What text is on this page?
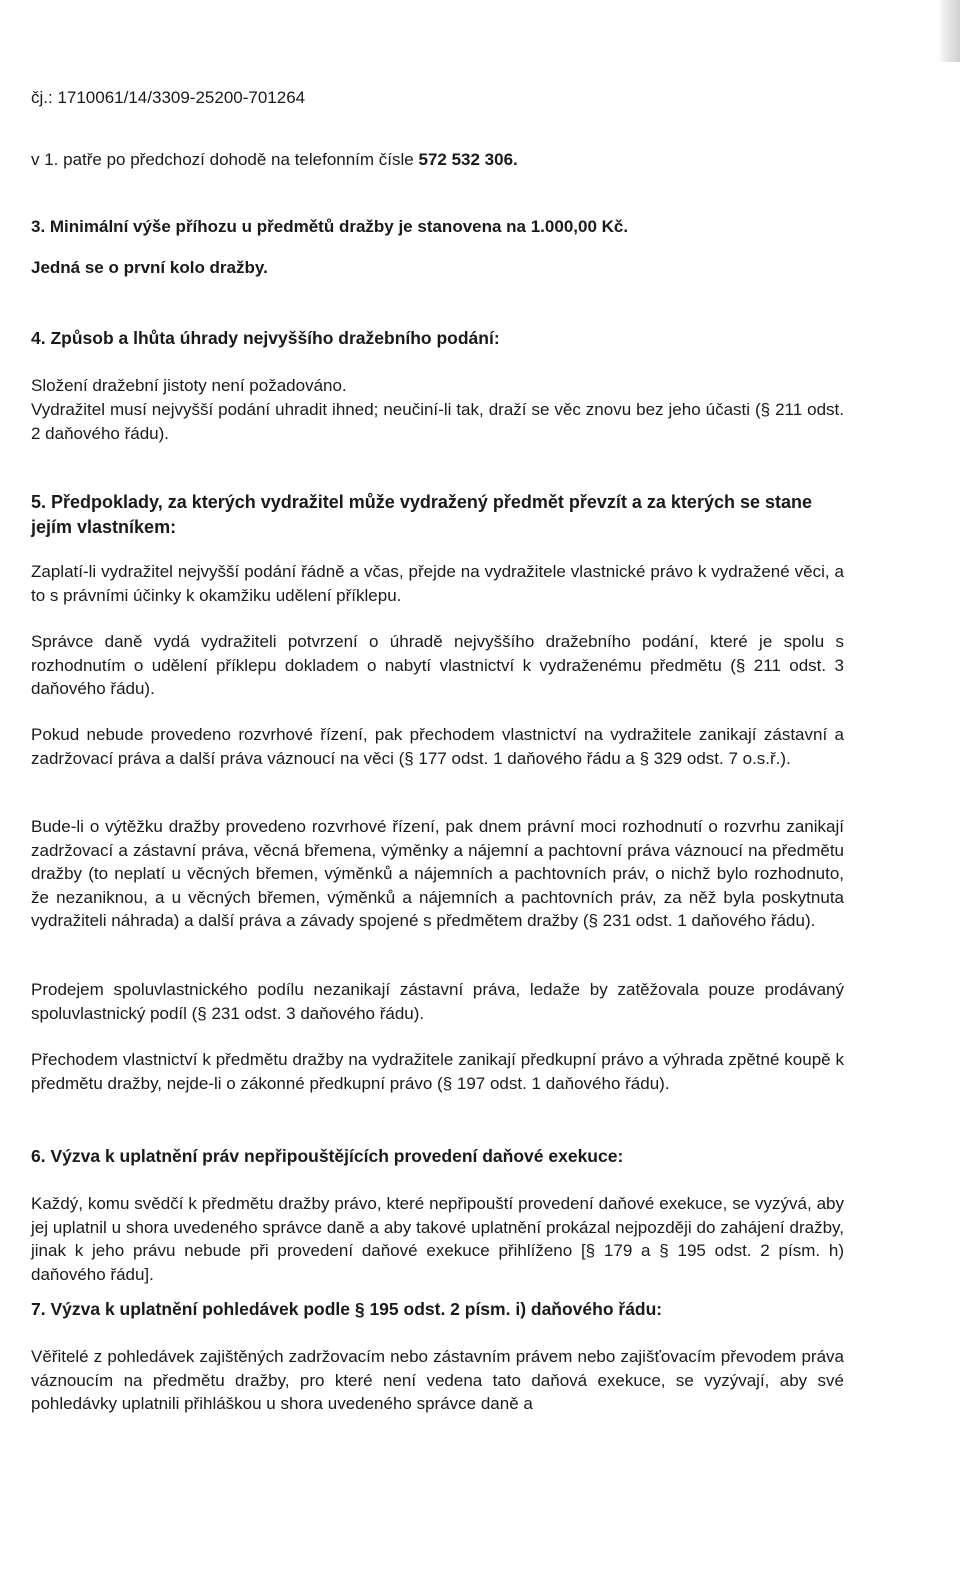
čj.: 1710061/14/3309-25200-701264

v 1. patře po předchozí dohodě na telefonním čísle 572 532 306.

3. Minimální výše příhozu u předmětů dražby je stanovena na 1.000,00 Kč.

Jedná se o první kolo dražby.

4. Způsob a lhůta úhrady nejvyššího dražebního podání:

Složení dražební jistoty není požadováno.

Vydražitel musí nejvyšší podání uhradit ihned; neučiní-li tak, draží se věc znovu bez jeho účasti (§ 211 odst. 2 daňového řádu).

5. Předpoklady, za kterých vydražitel může vydražený předmět převzít a za kterých se stane jejím vlastníkem:

Zaplatí-li vydražitel nejvyšší podání řádně a včas, přejde na vydražitele vlastnické právo k vydražené věci, a to s právními účinky k okamžiku udělení příklepu.

Správce daně vydá vydražiteli potvrzení o úhradě nejvyššího dražebního podání, které je spolu s rozhodnutím o udělení příklepu dokladem o nabytí vlastnictví k vydraženému předmětu (§ 211 odst. 3 daňového řádu).

Pokud nebude provedeno rozvrhové řízení, pak přechodem vlastnictví na vydražitele zanikají zástavní a zadržovací práva a další práva váznoucí na věci (§ 177 odst. 1 daňového řádu a § 329 odst. 7 o.s.ř.).

Bude-li o výtěžku dražby provedeno rozvrhové řízení, pak dnem právní moci rozhodnutí o rozvrhu zanikají zadržovací a zástavní práva, věcná břemena, výměnky a nájemní a pachtovní práva váznoucí na předmětu dražby (to neplatí u věcných břemen, výměnků a nájemních a pachtovních práv, o nichž bylo rozhodnuto, že nezaniknou, a u věcných břemen, výměnků a nájemních a pachtovních práv, za něž byla poskytnuta vydražiteli náhrada) a další práva a závady spojené s předmětem dražby (§ 231 odst. 1 daňového řádu).

Prodejem spoluvlastnického podílu nezanikají zástavní práva, ledaže by zatěžovala pouze prodávaný spoluvlastnický podíl (§ 231 odst. 3 daňového řádu).

Přechodem vlastnictví k předmětu dražby na vydražitele zanikají předkupní právo a výhrada zpětné koupě k předmětu dražby, nejde-li o zákonné předkupní právo (§ 197 odst. 1 daňového řádu).

6. Výzva k uplatnění práv nepřipouštějících provedení daňové exekuce:

Každý, komu svědčí k předmětu dražby právo, které nepřipouští provedení daňové exekuce, se vyzývá, aby jej uplatnil u shora uvedeného správce daně a aby takové uplatnění prokázal nejpozději do zahájení dražby, jinak k jeho právu nebude při provedení daňové exekuce přihlíženo [§ 179 a § 195 odst. 2 písm. h) daňového řádu].

7. Výzva k uplatnění pohledávek podle § 195 odst. 2 písm. i) daňového řádu:

Věřitelé z pohledávek zajištěných zadržovacím nebo zástavním právem nebo zajišťovacím převodem práva váznoucím na předmětu dražby, pro které není vedena tato daňová exekuce, se vyzývají, aby své pohledávky uplatnili přihláškou u shora uvedeného správce daně a
